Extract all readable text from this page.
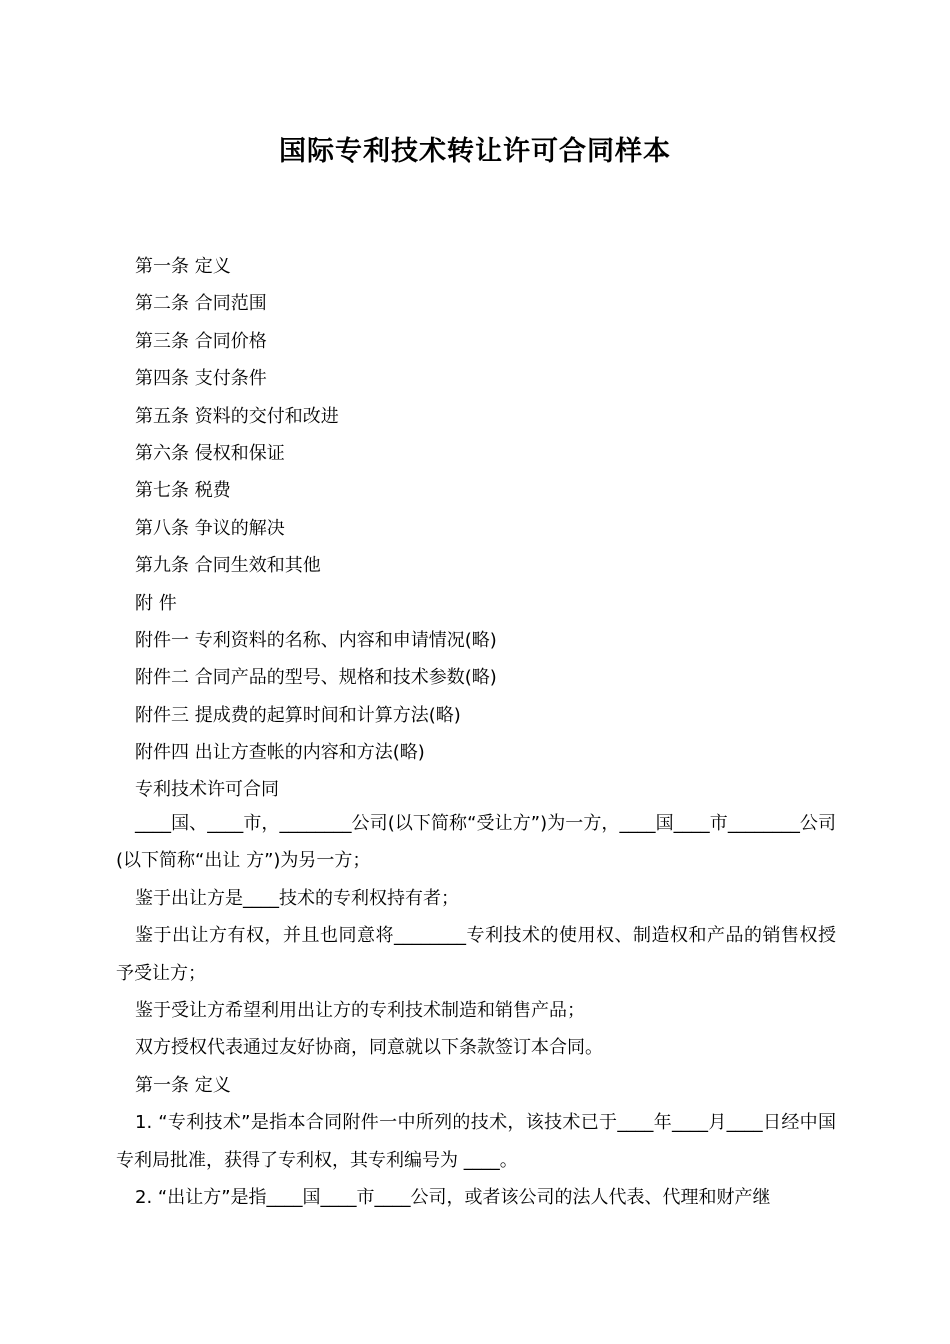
国际专利技术转让许可合同样本
第一条 定义
第二条 合同范围
第三条 合同价格
第四条 支付条件
第五条 资料的交付和改进
第六条 侵权和保证
第七条 税费
第八条 争议的解决
第九条 合同生效和其他
附 件
附件一 专利资料的名称、内容和申请情况(略)
附件二 合同产品的型号、规格和技术参数(略)
附件三 提成费的起算时间和计算方法(略)
附件四 出让方查帐的内容和方法(略)
专利技术许可合同

____国、____市，________公司(以下简称“受让方”)为一方，____国____市________公司(以下简称“出让 方”)为另一方；

鉴于出让方是____技术的专利权持有者；

鉴于出让方有权，并且也同意将________专利技术的使用权、制造权和产品的销售权授予受让方；

鉴于受让方希望利用出让方的专利技术制造和销售产品；

双方授权代表通过友好协商，同意就以下条款签订本合同。

第一条 定义

1. “专利技术”是指本合同附件一中所列的技术，该技术已于____年____月____日经中国专利局批准，获得了专利权，其专利编号为 ____。

2. “出让方”是指____国____市____公司，或者该公司的法人代表、代理和财产继
